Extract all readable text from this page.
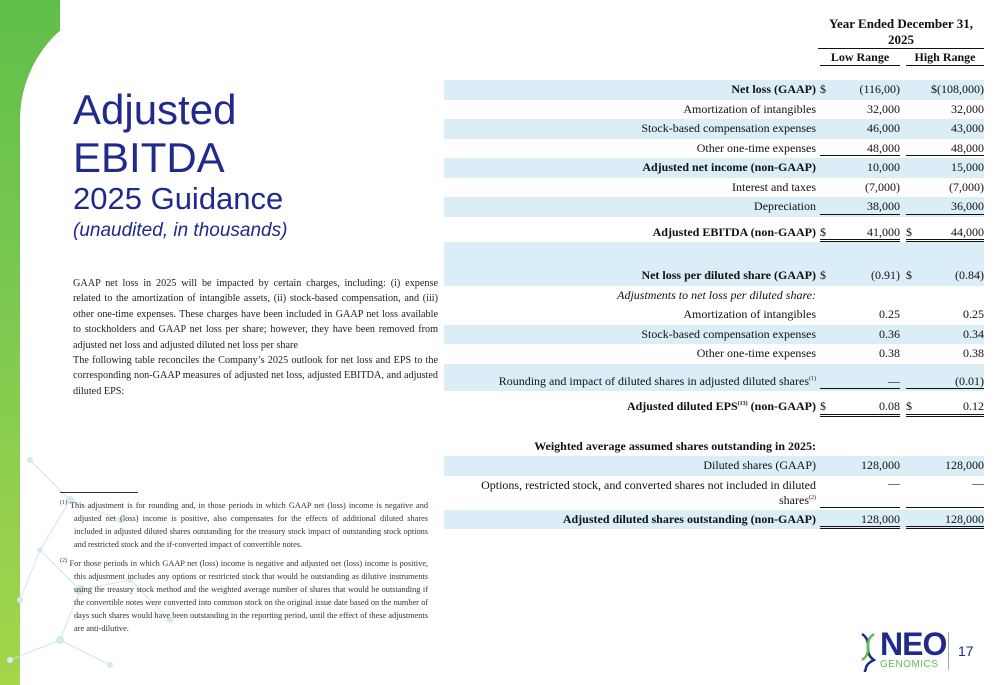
Adjusted
EBITDA
2025 Guidance
(unaudited, in thousands)

GAAP net loss in 2025 will be impacted by certain charges, including: (i) expense related to the amortization of intangible assets, (ii) stock-based compensation, and (iii) other one-time expenses. These charges have been included in GAAP net loss available to stockholders and GAAP net loss per share; however, they have been removed from adjusted net loss and adjusted diluted net loss per share

The following table reconciles the Company’s 2025 outlook for net loss and EPS to the corresponding non-GAAP measures of adjusted net loss, adjusted EBITDA, and adjusted diluted EPS:

$^{(1)}$ This adjustment is for rounding and, in those periods in which GAAP net (loss) income is negative and adjusted net (loss) income is positive, also compensates for the effects of additional diluted shares included in adjusted diluted shares outstanding for the treasury stock impact of outstanding stock options and restricted stock and the if-converted impact of convertible notes.
$^{(2)}$ For those periods in which GAAP net (loss) income is negative and adjusted net (loss) income is positive, this adjustment includes any options or restricted stock that would be outstanding as dilutive instruments using the treasury stock method and the weighted average number of shares that would be outstanding if the convertible notes were converted into common stock on the original issue date based on the number of days such shares would have been outstanding in the reporting period, until the effect of these adjustments are anti-dilutive.
Year Ended December 31,
2025
Low Range	High Range
Net loss (GAAP) $	(116,00)	$(108,000)
Amortization of intangibles	32,000	32,000
Stock-based compensation expenses	46,000	43,000
Other one-time expenses	48,000	48,000
Adjusted net income (non-GAAP)	10,000	15,000
Interest and taxes	(7,000)	(7,000)
Depreciation	38,000	36,000
Adjusted EBITDA (non-GAAP) $	41,000 $	44,000
Net loss per diluted share (GAAP) $	(0.91) $	(0.84)
Adjustments to net loss per diluted share:
Amortization of intangibles	0.25	0.25
Stock-based compensation expenses	0.36	0.34
Other one-time expenses	0.38	0.38
Rounding and impact of diluted shares in adjusted diluted shares$^{(1)}$	—	(0.01)
Adjusted diluted EPS$^{(13)}$ (non-GAAP) $	0.08 $	0.12
Weighted average assumed shares outstanding in 2025:
Diluted shares (GAAP)	128,000	128,000
Options, restricted stock, and converted shares not included in diluted shares$^{(2)}$
—	—
Adjusted diluted shares outstanding (non-GAAP)	128,000	128,000
NEO
GENOMICS
17
